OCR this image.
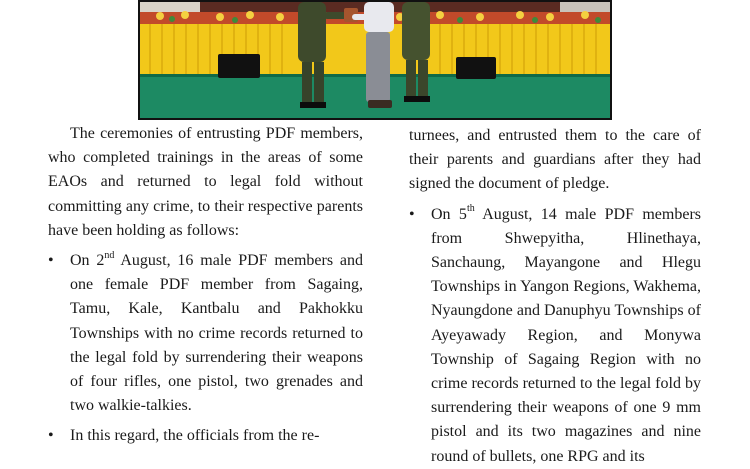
The ceremonies of entrusting PDF members, who completed trainings in the areas of some EAOs and returned to legal fold without committing any crime, to their respective parents have been holding as follows:

• On 2nd August, 16 male PDF members and one female PDF member from Sagaing, Tamu, Kale, Kantbalu and Pakhokku Townships with no crime records returned to the legal fold by surrendering their weapons of four rifles, one pistol, two grenades and two walkie-talkies.
• In this regard, the officials from the re-

turnees, and entrusted them to the care of their parents and guardians after they had signed the document of pledge.

• On 5th August, 14 male PDF members from Shwepyitha, Hlinethaya, Sanchaung, Mayangone and Hlegu Townships in Yangon Regions, Wakhema, Nyaungdone and Danuphyu Townships of Ayeyawady Region, and Monywa Township of Sagaing Region with no crime records returned to the legal fold by surrendering their weapons of one 9 mm pistol and its two magazines and nine round of bullets, one RPG and its
